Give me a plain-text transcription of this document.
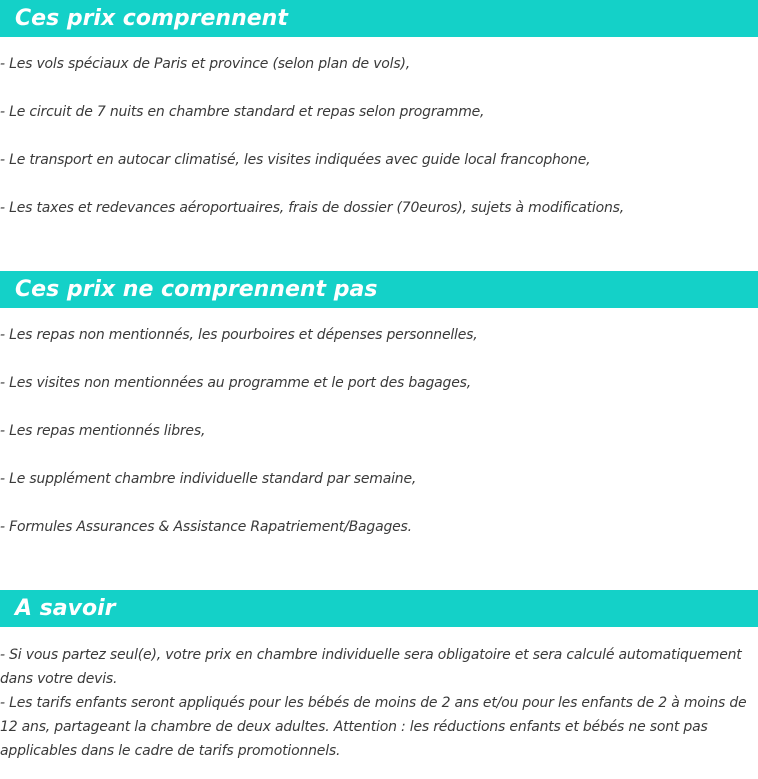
Ces prix comprennent
- Les vols spéciaux de Paris et province (selon plan de vols),
- Le circuit de 7 nuits en chambre standard et repas selon programme,
- Le transport en autocar climatisé, les visites indiquées avec guide local francophone,
- Les taxes et redevances aéroportuaires, frais de dossier (70euros), sujets à modifications,
Ces prix ne comprennent pas
- Les repas non mentionnés, les pourboires et dépenses personnelles,
- Les visites non mentionnées au programme et le port des bagages,
- Les repas mentionnés libres,
- Le supplément chambre individuelle standard par semaine,
- Formules Assurances & Assistance Rapatriement/Bagages.
A savoir
- Si vous partez seul(e), votre prix en chambre individuelle sera obligatoire et sera calculé automatiquement dans votre devis.
- Les tarifs enfants seront appliqués pour les bébés de moins de 2 ans et/ou pour les enfants de 2 à moins de 12 ans, partageant la chambre de deux adultes. Attention : les réductions enfants et bébés ne sont pas applicables dans le cadre de tarifs promotionnels.
